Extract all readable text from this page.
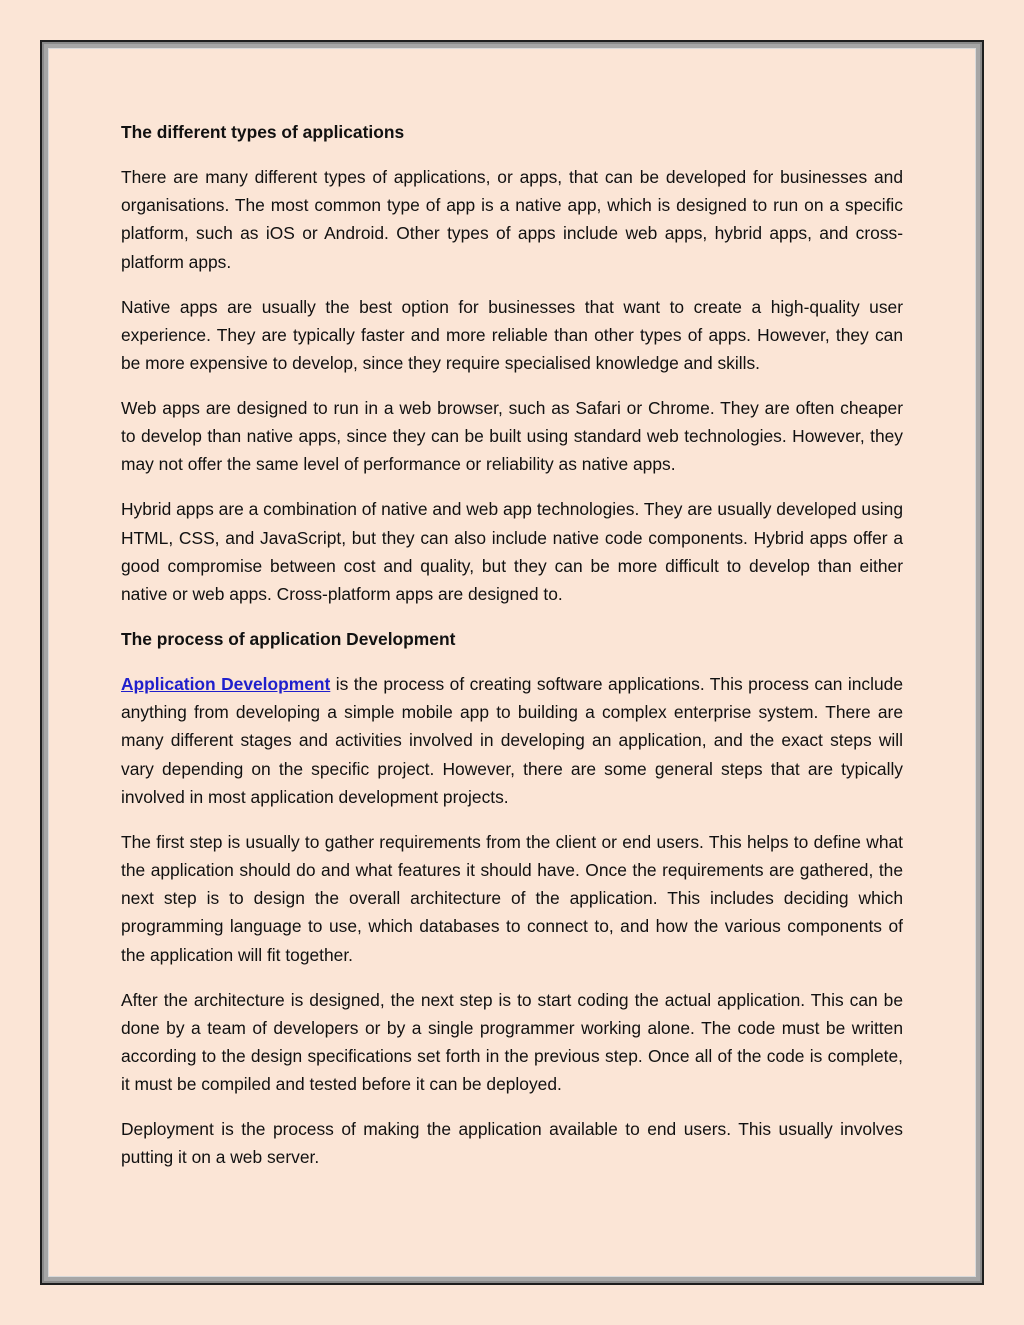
The different types of applications

There are many different types of applications, or apps, that can be developed for businesses and organisations. The most common type of app is a native app, which is designed to run on a specific platform, such as iOS or Android. Other types of apps include web apps, hybrid apps, and cross-platform apps.

Native apps are usually the best option for businesses that want to create a high-quality user experience. They are typically faster and more reliable than other types of apps. However, they can be more expensive to develop, since they require specialised knowledge and skills.

Web apps are designed to run in a web browser, such as Safari or Chrome. They are often cheaper to develop than native apps, since they can be built using standard web technologies. However, they may not offer the same level of performance or reliability as native apps.

Hybrid apps are a combination of native and web app technologies. They are usually developed using HTML, CSS, and JavaScript, but they can also include native code components. Hybrid apps offer a good compromise between cost and quality, but they can be more difficult to develop than either native or web apps. Cross-platform apps are designed to.

The process of application Development

Application Development is the process of creating software applications. This process can include anything from developing a simple mobile app to building a complex enterprise system. There are many different stages and activities involved in developing an application, and the exact steps will vary depending on the specific project. However, there are some general steps that are typically involved in most application development projects.

The first step is usually to gather requirements from the client or end users. This helps to define what the application should do and what features it should have. Once the requirements are gathered, the next step is to design the overall architecture of the application. This includes deciding which programming language to use, which databases to connect to, and how the various components of the application will fit together.

After the architecture is designed, the next step is to start coding the actual application. This can be done by a team of developers or by a single programmer working alone. The code must be written according to the design specifications set forth in the previous step. Once all of the code is complete, it must be compiled and tested before it can be deployed.

Deployment is the process of making the application available to end users. This usually involves putting it on a web server.
